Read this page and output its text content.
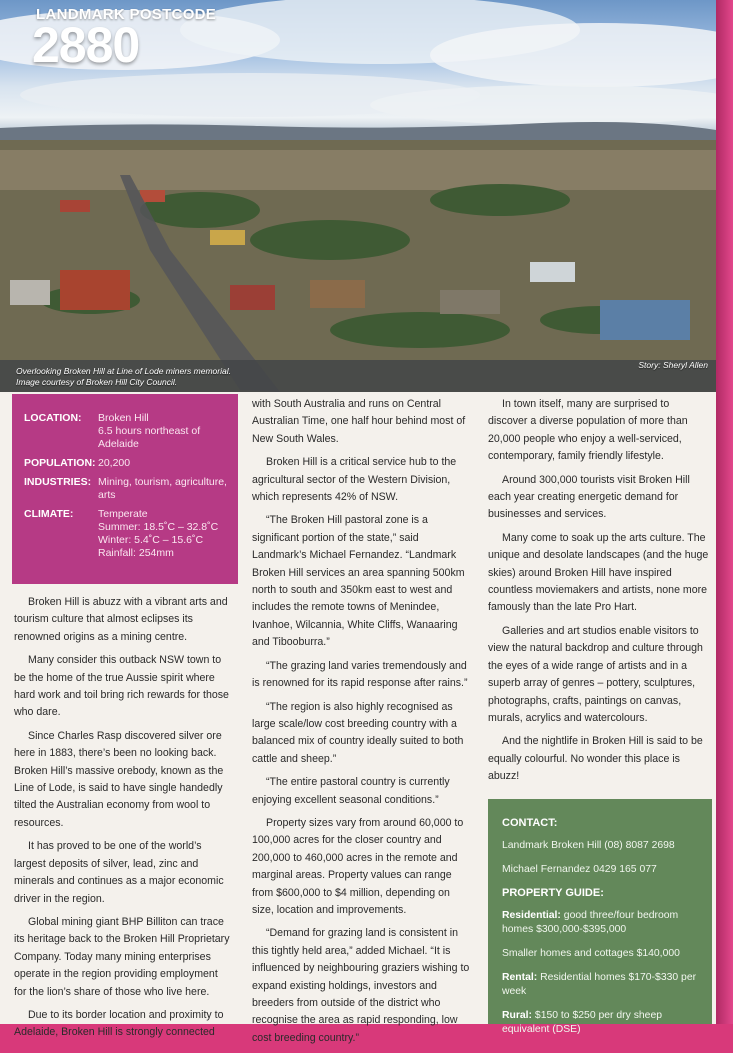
LANDMARK POSTCODE
2880
Overlooking Broken Hill at Line of Lode miners memorial.
Image courtesy of Broken Hill City Council.
Story: Sheryl Allen
LOCATION:	Broken Hill
6.5 hours northeast of Adelaide
POPULATION: 20,200
INDUSTRIES: Mining, tourism, agriculture, arts
CLIMATE:	Temperate
Summer: 18.5˚C – 32.8˚C
Winter: 5.4˚C – 15.6˚C
Rainfall: 254mm

Broken Hill is abuzz with a vibrant arts and tourism culture that almost eclipses its renowned origins as a mining centre.

Many consider this outback NSW town to be the home of the true Aussie spirit where hard work and toil bring rich rewards for those who dare.

Since Charles Rasp discovered silver ore here in 1883, there’s been no looking back. Broken Hill’s massive orebody, known as the Line of Lode, is said to have single handedly tilted the Australian economy from wool to resources.

It has proved to be one of the world’s largest deposits of silver, lead, zinc and minerals and continues as a major economic driver in the region.

Global mining giant BHP Billiton can trace its heritage back to the Broken Hill Proprietary Company. Today many mining enterprises operate in the region providing employment for the lion’s share of those who live here.

Due to its border location and proximity to Adelaide, Broken Hill is strongly connected

with South Australia and runs on Central Australian Time, one half hour behind most of New South Wales.

Broken Hill is a critical service hub to the agricultural sector of the Western Division, which represents 42% of NSW.

“The Broken Hill pastoral zone is a significant portion of the state,” said Landmark’s Michael Fernandez. “Landmark Broken Hill services an area spanning 500km north to south and 350km east to west and includes the remote towns of Menindee, Ivanhoe, Wilcannia, White Cliffs, Wanaaring and Tibooburra.”

“The grazing land varies tremendously and is renowned for its rapid response after rains.”

“The region is also highly recognised as large scale/low cost breeding country with a balanced mix of country ideally suited to both cattle and sheep.”

“The entire pastoral country is currently enjoying excellent seasonal conditions.”

Property sizes vary from around 60,000 to 100,000 acres for the closer country and 200,000 to 460,000 acres in the remote and marginal areas. Property values can range from $600,000 to $4 million, depending on size, location and improvements.

“Demand for grazing land is consistent in this tightly held area,” added Michael. “It is influenced by neighbouring graziers wishing to expand existing holdings, investors and breeders from outside of the district who recognise the area as rapid responding, low cost breeding country.”

In town itself, many are surprised to discover a diverse population of more than 20,000 people who enjoy a well-serviced, contemporary, family friendly lifestyle.

Around 300,000 tourists visit Broken Hill each year creating energetic demand for businesses and services.

Many come to soak up the arts culture. The unique and desolate landscapes (and the huge skies) around Broken Hill have inspired countless moviemakers and artists, none more famously than the late Pro Hart.

Galleries and art studios enable visitors to view the natural backdrop and culture through the eyes of a wide range of artists and in a superb array of genres – pottery, sculptures, photographs, crafts, paintings on canvas, murals, acrylics and watercolours.

And the nightlife in Broken Hill is said to be equally colourful. No wonder this place is abuzz!

CONTACT:
Landmark Broken Hill (08) 8087 2698
Michael Fernandez 0429 165 077
PROPERTY GUIDE:
Residential: good three/four bedroom homes $300,000-$395,000
Smaller homes and cottages $140,000
Rental: Residential homes $170-$330 per week
Rural: $150 to $250 per dry sheep equivalent (DSE)
